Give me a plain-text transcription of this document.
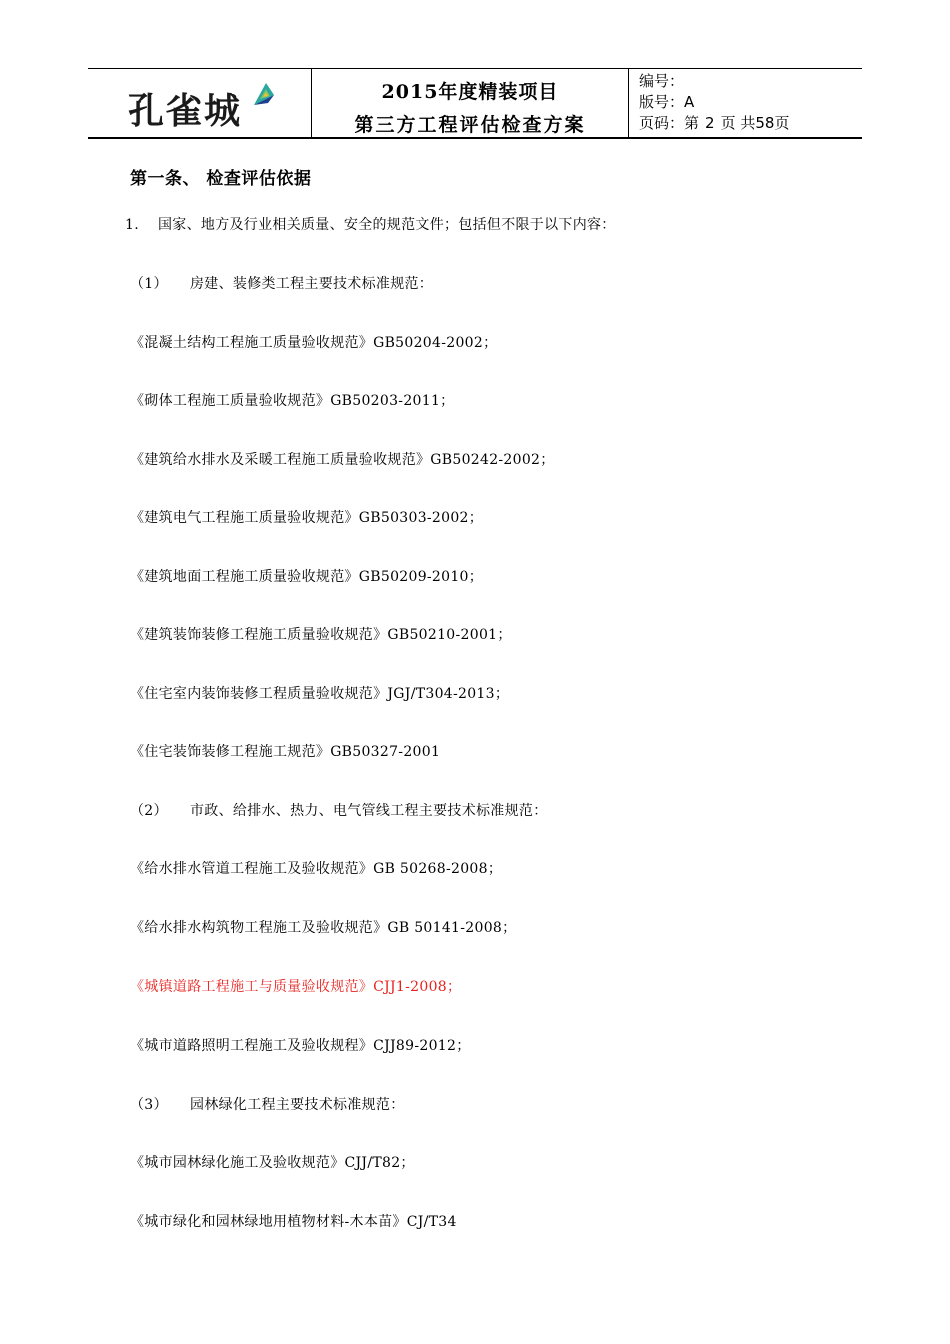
孔雀城	2015年度精装项目
第三方工程评估检查方案
编号：
版号：A
页码：第 2 页 共58页
第一条、 检查评估依据
1. 国家、地方及行业相关质量、安全的规范文件；包括但不限于以下内容：
（1） 房建、装修类工程主要技术标准规范：
《混凝土结构工程施工质量验收规范》GB50204-2002；
《砌体工程施工质量验收规范》GB50203-2011；
《建筑给水排水及采暖工程施工质量验收规范》GB50242-2002；
《建筑电气工程施工质量验收规范》GB50303-2002；
《建筑地面工程施工质量验收规范》GB50209-2010；
《建筑装饰装修工程施工质量验收规范》GB50210-2001；
《住宅室内装饰装修工程质量验收规范》JGJ/T304-2013；
《住宅装饰装修工程施工规范》GB50327-2001
（2） 市政、给排水、热力、电气管线工程主要技术标准规范：
《给水排水管道工程施工及验收规范》GB 50268-2008；
《给水排水构筑物工程施工及验收规范》GB 50141-2008；
《城镇道路工程施工与质量验收规范》CJJ1-2008；
《城市道路照明工程施工及验收规程》CJJ89-2012；
（3） 园林绿化工程主要技术标准规范：
《城市园林绿化施工及验收规范》CJJ/T82；
《城市绿化和园林绿地用植物材料-木本苗》CJ/T34
